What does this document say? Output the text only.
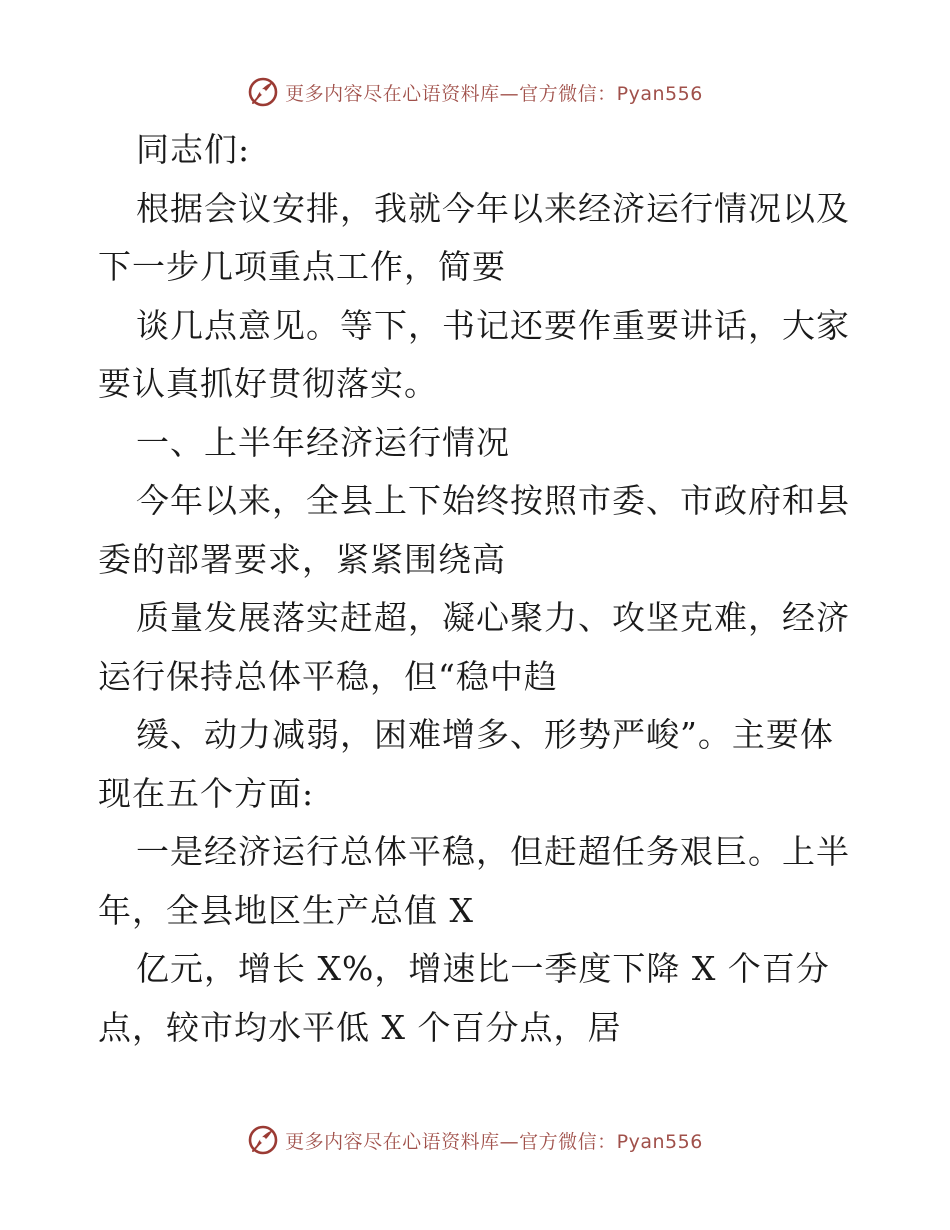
更多内容尽在心语资料库—官方微信：Pyan556
同志们:
根据会议安排，我就今年以来经济运行情况以及
下一步几项重点工作，简要
谈几点意见。等下，书记还要作重要讲话，大家
要认真抓好贯彻落实。
一、上半年经济运行情况
今年以来，全县上下始终按照市委、市政府和县
委的部署要求，紧紧围绕高
质量发展落实赶超，凝心聚力、攻坚克难，经济
运行保持总体平稳，但“稳中趋
缓、动力减弱，困难增多、形势严峻”。主要体
现在五个方面:
一是经济运行总体平稳，但赶超任务艰巨。上半
年，全县地区生产总值 X
亿元，增长 X%，增速比一季度下降 X 个百分
点，较市均水平低 X 个百分点，居
更多内容尽在心语资料库—官方微信：Pyan556
